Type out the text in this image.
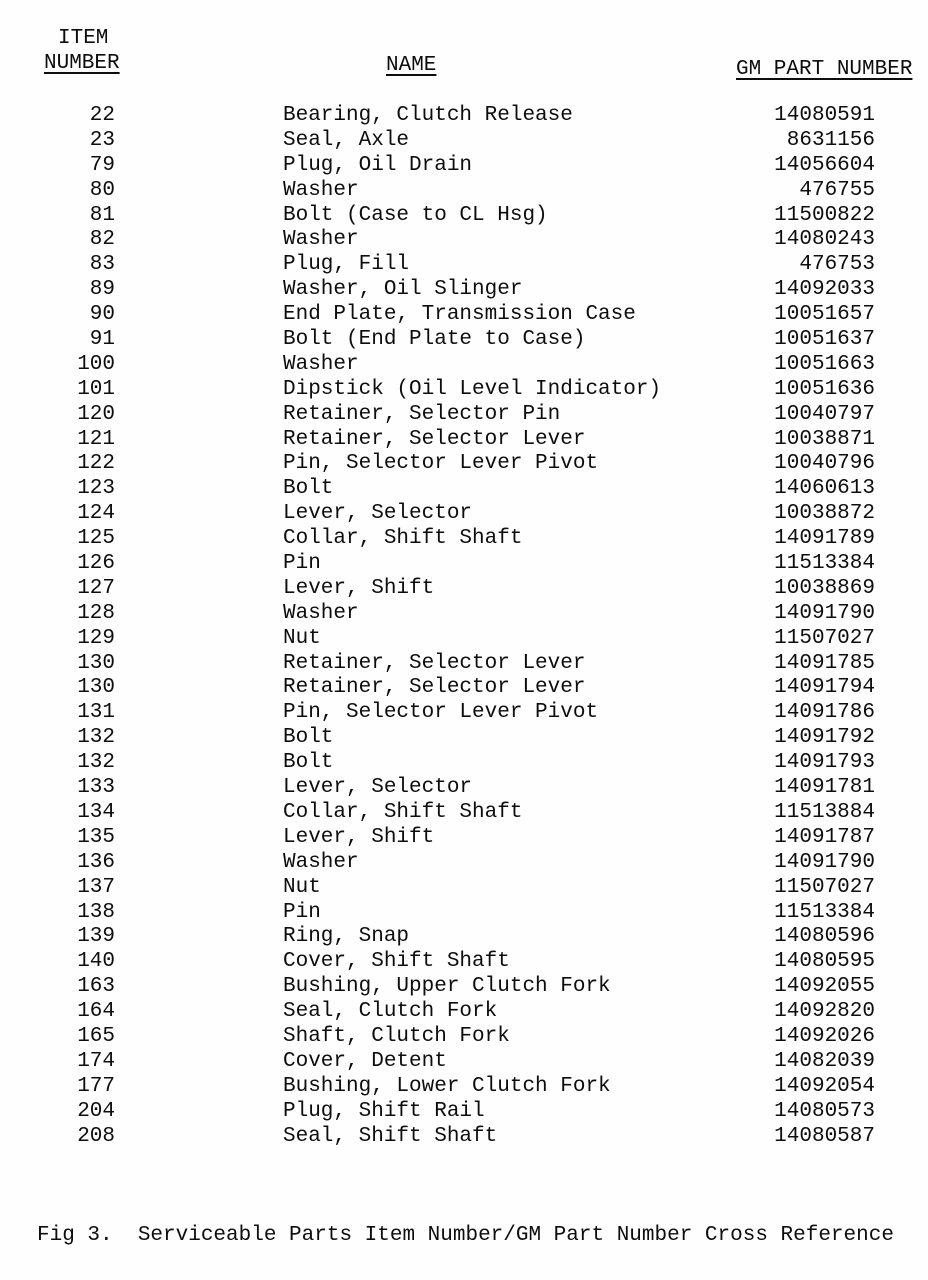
ITEM
NUMBER	NAME	GM PART NUMBER
22	Bearing, Clutch Release	14080591
23	Seal, Axle	8631156
79	Plug, Oil Drain	14056604
80	Washer	476755
81	Bolt (Case to CL Hsg)	11500822
82	Washer	14080243
83	Plug, Fill	476753
89	Washer, Oil Slinger	14092033
90	End Plate, Transmission Case	10051657
91	Bolt (End Plate to Case)	10051637
100	Washer	10051663
101	Dipstick (Oil Level Indicator)	10051636
120	Retainer, Selector Pin	10040797
121	Retainer, Selector Lever	10038871
122	Pin, Selector Lever Pivot	10040796
123	Bolt	14060613
124	Lever, Selector	10038872
125	Collar, Shift Shaft	14091789
126	Pin	11513384
127	Lever, Shift	10038869
128	Washer	14091790
129	Nut	11507027
130	Retainer, Selector Lever	14091785
130	Retainer, Selector Lever	14091794
131	Pin, Selector Lever Pivot	14091786
132	Bolt	14091792
132	Bolt	14091793
133	Lever, Selector	14091781
134	Collar, Shift Shaft	11513884
135	Lever, Shift	14091787
136	Washer	14091790
137	Nut	11507027
138	Pin	11513384
139	Ring, Snap	14080596
140	Cover, Shift Shaft	14080595
163	Bushing, Upper Clutch Fork	14092055
164	Seal, Clutch Fork	14092820
165	Shaft, Clutch Fork	14092026
174	Cover, Detent	14082039
177	Bushing, Lower Clutch Fork	14092054
204	Plug, Shift Rail	14080573
208	Seal, Shift Shaft	14080587
Fig 3.  Serviceable Parts Item Number/GM Part Number Cross Reference
